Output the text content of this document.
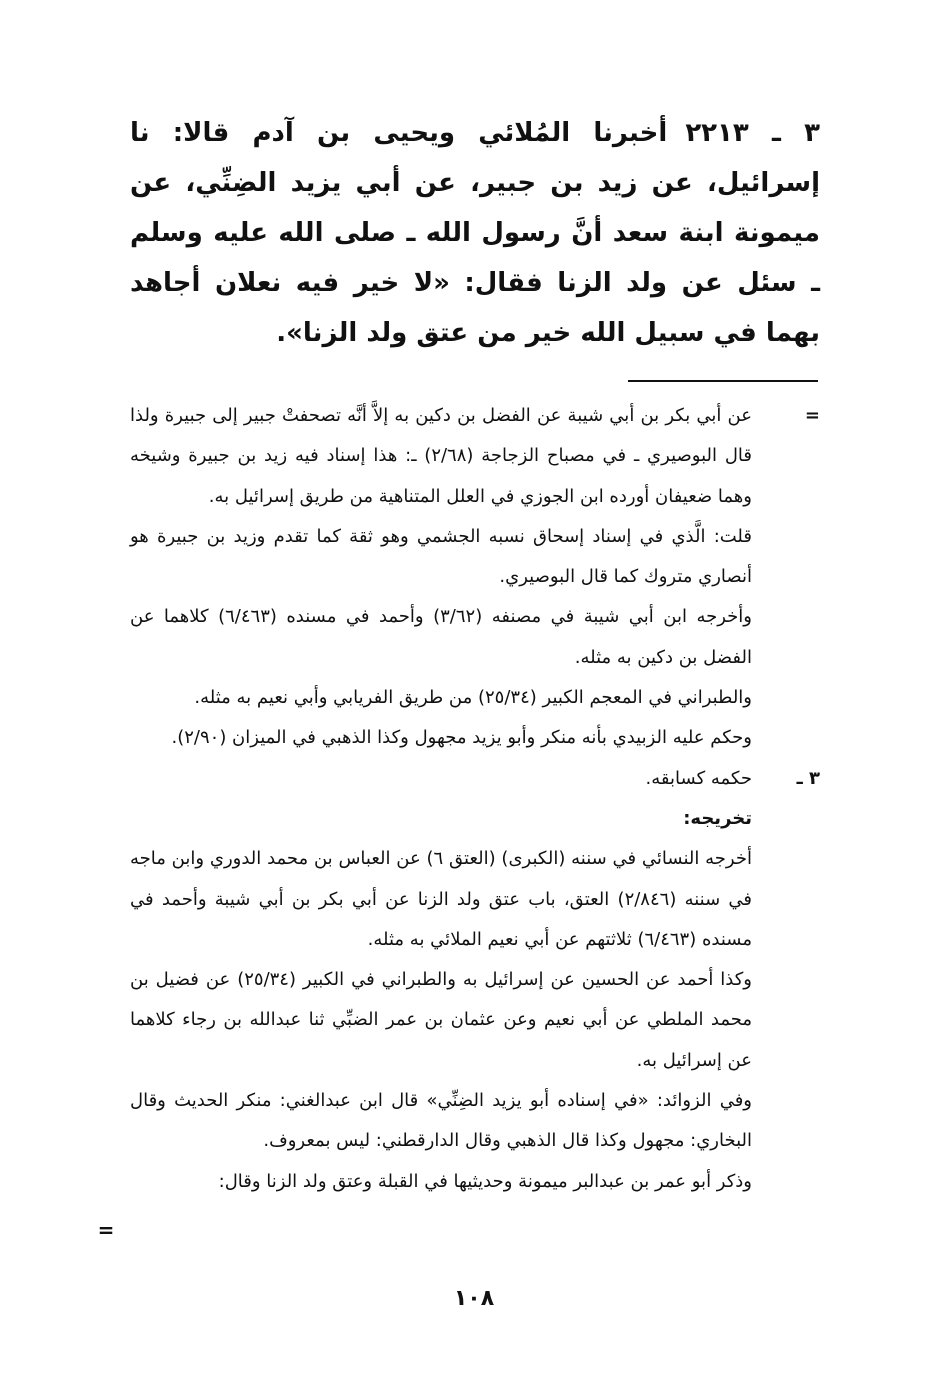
٣ ـ ٢٢١٣أخبرنا المُلائي ويحيى بن آدم قالا: نا إسرائيل، عن زيد بن جبير، عن أبي يزيد الضِنِّي، عن ميمونة ابنة سعد أنَّ رسول الله ـ صلى الله عليه وسلم ـ سئل عن ولد الزنا فقال: «لا خير فيه نعلان أجاهد بهما في سبيل الله خير من عتق ولد الزنا».

=

عن أبي بكر بن أبي شيبة عن الفضل بن دكين به إلاَّ أنَّه تصحفتْ جبير إلى جبيرة ولذا قال البوصيري ـ في مصباح الزجاجة (٢/٦٨) ـ: هذا إسناد فيه زيد بن جبيرة وشيخه وهما ضعيفان أورده ابن الجوزي في العلل المتناهية من طريق إسرائيل به.

قلت: الَّذي في إسناد إسحاق نسبه الجشمي وهو ثقة كما تقدم وزيد بن جبيرة هو أنصاري متروك كما قال البوصيري.

وأخرجه ابن أبي شيبة في مصنفه (٣/٦٢) وأحمد في مسنده (٦/٤٦٣) كلاهما عن الفضل بن دكين به مثله.

والطبراني في المعجم الكبير (٢٥/٣٤) من طريق الفريابي وأبي نعيم به مثله.

وحكم عليه الزبيدي بأنه منكر وأبو يزيد مجهول وكذا الذهبي في الميزان (٢/٩٠).

٣ ـ

حكمه كسابقه.

تخريجه:

أخرجه النسائي في سننه (الكبرى) (العتق ٦) عن العباس بن محمد الدوري وابن ماجه في سننه (٢/٨٤٦) العتق، باب عتق ولد الزنا عن أبي بكر بن أبي شيبة وأحمد في مسنده (٦/٤٦٣) ثلاثتهم عن أبي نعيم الملائي به مثله.

وكذا أحمد عن الحسين عن إسرائيل به والطبراني في الكبير (٢٥/٣٤) عن فضيل بن محمد الملطي عن أبي نعيم وعن عثمان بن عمر الضبِّي ثنا عبدالله بن رجاء كلاهما عن إسرائيل به.

وفي الزوائد: «في إسناده أبو يزيد الضِنِّي» قال ابن عبدالغني: منكر الحديث وقال البخاري: مجهول وكذا قال الذهبي وقال الدارقطني: ليس بمعروف.

وذكر أبو عمر بن عبدالبر ميمونة وحديثيها في القبلة وعتق ولد الزنا وقال:

=

١٠٨
